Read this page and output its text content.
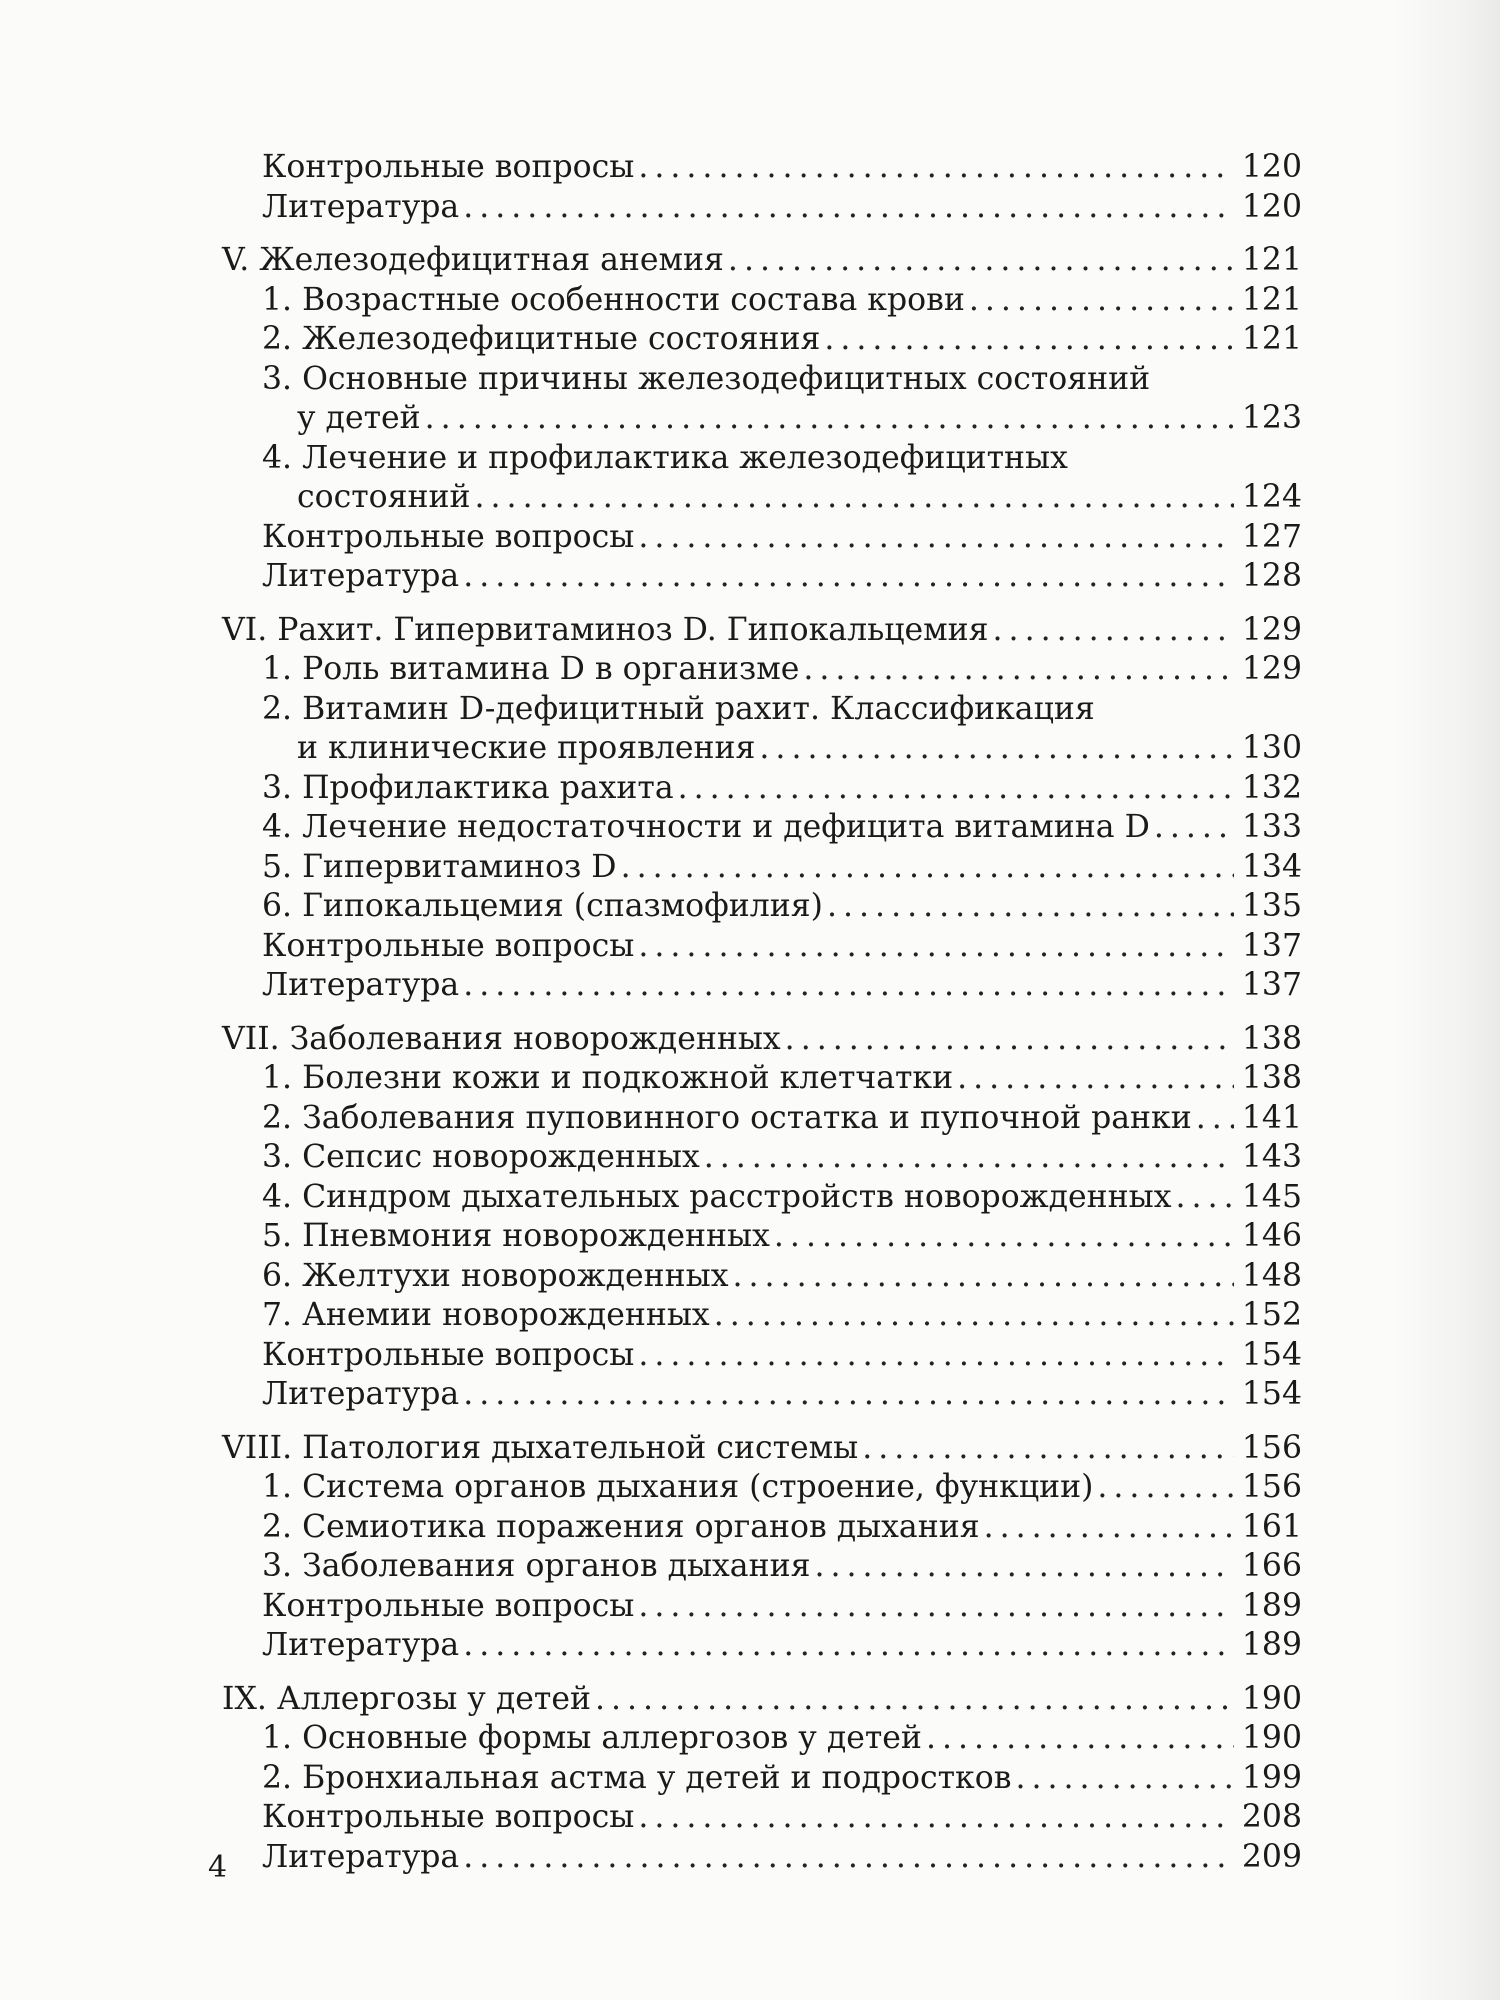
Контрольные вопросы . . .	120
Литература . . .	120
V. Железодефицитная анемия . . .	121
1. Возрастные особенности состава крови . . .	121
2. Железодефицитные состояния . . .	121
3. Основные причины железодефицитных состояний
у детей . . .	123
4. Лечение и профилактика железодефицитных
состояний . . .	124
Контрольные вопросы . . .	127
Литература . . .	128
VI. Рахит. Гипервитаминоз D. Гипокальцемия . . .	129
1. Роль витамина D в организме . . .	129
2. Витамин D-дефицитный рахит. Классификация
и клинические проявления . . .	130
3. Профилактика рахита . . .	132
4. Лечение недостаточности и дефицита витамина D . . .	133
5. Гипервитаминоз D . . .	134
6. Гипокальцемия (спазмофилия) . . .	135
Контрольные вопросы . . .	137
Литература . . .	137
VII. Заболевания новорожденных . . .	138
1. Болезни кожи и подкожной клетчатки . . .	138
2. Заболевания пуповинного остатка и пупочной ранки . . . 141
3. Сепсис новорожденных . . .	143
4. Синдром дыхательных расстройств новорожденных . . . 145
5. Пневмония новорожденных . . .	146
6. Желтухи новорожденных . . .	148
7. Анемии новорожденных . . .	152
Контрольные вопросы . . .	154
Литература . . .	154
VIII. Патология дыхательной системы . . .	156
1. Система органов дыхания (строение, функции) . . .	156
2. Семиотика поражения органов дыхания . . .	161
3. Заболевания органов дыхания . . .	166
Контрольные вопросы . . .	189
Литература . . .	189
IX. Аллергозы у детей . . .	190
1. Основные формы аллергозов у детей . . .	190
2. Бронхиальная астма у детей и подростков . . .	199
Контрольные вопросы . . .	208
Литература . . .	209
4
